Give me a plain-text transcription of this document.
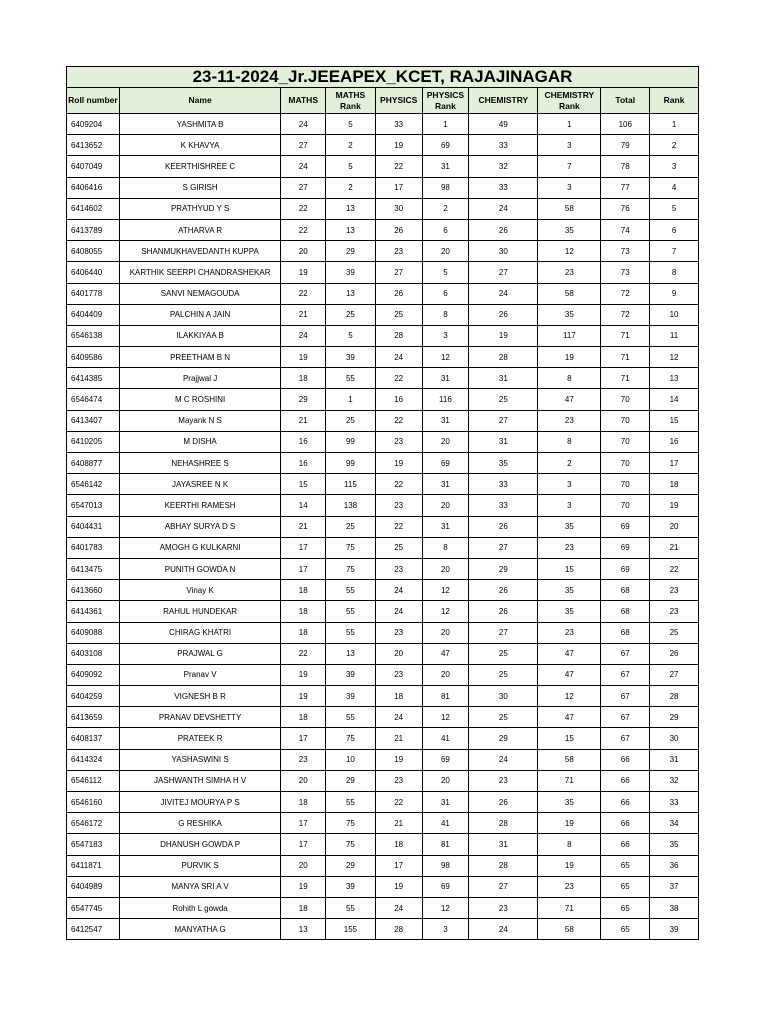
23-11-2024_Jr.JEEAPEX_KCET, RAJAJINAGAR									
Roll number	Name	MATHS	MATHS Rank	PHYSICS	PHYSICS Rank	CHEMISTRY	CHEMISTRY Rank	Total	Rank
6409204	YASHMITA B	24	5	33	1	49	1	106	1
6413652	K KHAVYA	27	2	19	69	33	3	79	2
6407049	KEERTHISHREE C	24	5	22	31	32	7	78	3
6406416	S GIRISH	27	2	17	98	33	3	77	4
6414602	PRATHYUD Y S	22	13	30	2	24	58	76	5
6413789	ATHARVA R	22	13	26	6	26	35	74	6
6408055	SHANMUKHAVEDANTH KUPPA	20	29	23	20	30	12	73	7
6406440	KARTHIK SEERPI CHANDRASHEKAR	19	39	27	5	27	23	73	8
6401778	SANVI NEMAGOUDA	22	13	26	6	24	58	72	9
6404409	PALCHIN A JAIN	21	25	25	8	26	35	72	10
6546138	ILAKKIYAA B	24	5	28	3	19	117	71	11
6409586	PREETHAM B N	19	39	24	12	28	19	71	12
6414385	Prajjwal J	18	55	22	31	31	8	71	13
6546474	M C ROSHINI	29	1	16	116	25	47	70	14
6413407	Mayank N S	21	25	22	31	27	23	70	15
6410205	M DISHA	16	99	23	20	31	8	70	16
6408877	NEHASHREE S	16	99	19	69	35	2	70	17
6546142	JAYASREE N K	15	115	22	31	33	3	70	18
6547013	KEERTHI RAMESH	14	138	23	20	33	3	70	19
6404431	ABHAY SURYA D S	21	25	22	31	26	35	69	20
6401783	AMOGH G KULKARNI	17	75	25	8	27	23	69	21
6413475	PUNITH GOWDA N	17	75	23	20	29	15	69	22
6413660	Vinay K	18	55	24	12	26	35	68	23
6414361	RAHUL HUNDEKAR	18	55	24	12	26	35	68	23
6409088	CHIRAG KHATRI	18	55	23	20	27	23	68	25
6403108	PRAJWAL G	22	13	20	47	25	47	67	26
6409092	Pranav V	19	39	23	20	25	47	67	27
6404259	VIGNESH B R	19	39	18	81	30	12	67	28
6413659	PRANAV DEVSHETTY	18	55	24	12	25	47	67	29
6408137	PRATEEK R	17	75	21	41	29	15	67	30
6414324	YASHASWINI S	23	10	19	69	24	58	66	31
6546112	JASHWANTH SIMHA H V	20	29	23	20	23	71	66	32
6546160	JIVITEJ MOURYA P S	18	55	22	31	26	35	66	33
6546172	G RESHIKA	17	75	21	41	28	19	66	34
6547183	DHANUSH GOWDA P	17	75	18	81	31	8	66	35
6411871	PURVIK S	20	29	17	98	28	19	65	36
6404989	MANYA SRI A V	19	39	19	69	27	23	65	37
6547745	Rohith L gowda	18	55	24	12	23	71	65	38
6412547	MANYATHA G	13	155	28	3	24	58	65	39
